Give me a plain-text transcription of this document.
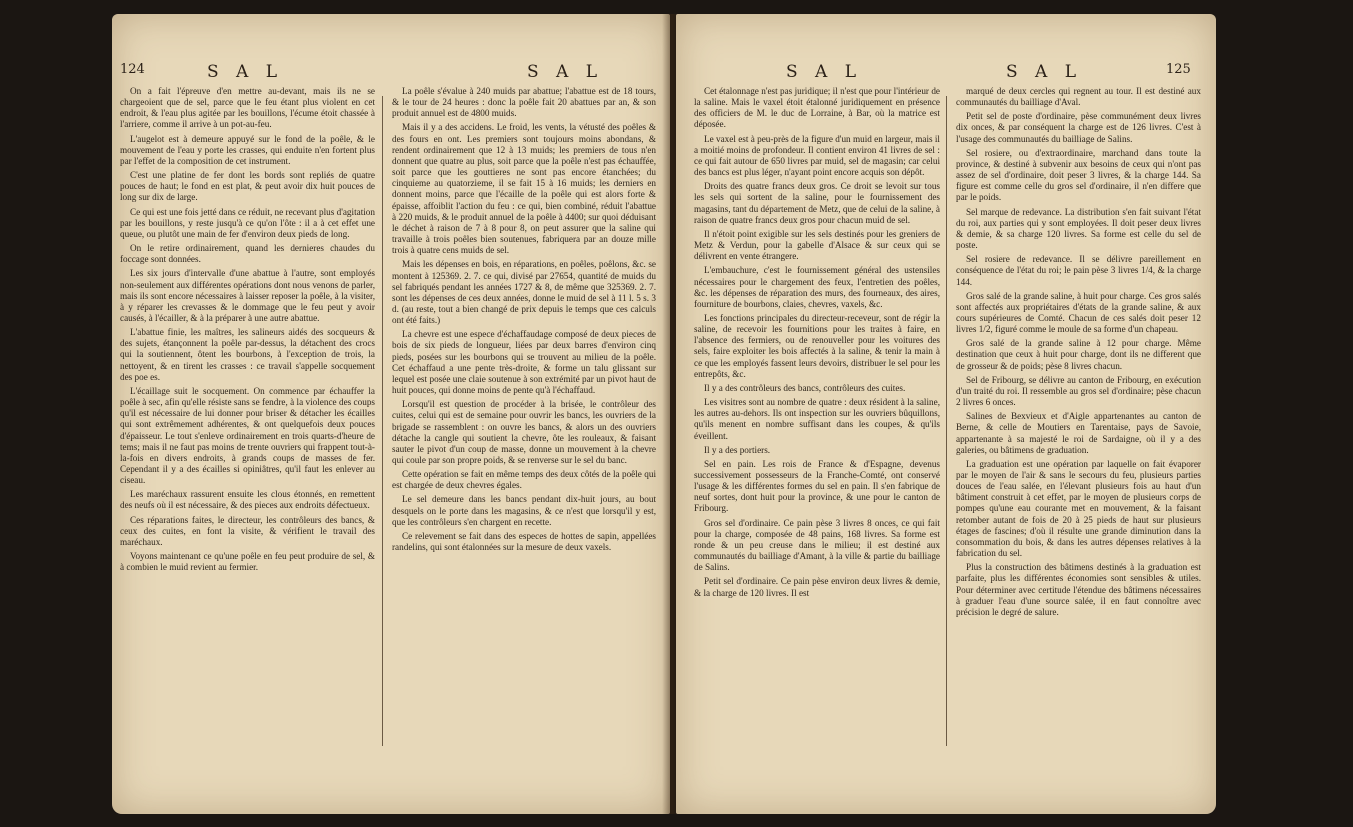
124	S A L	S A L

On a fait l'épreuve d'en mettre au-devant, mais ils ne se chargeoient que de sel, parce que le feu étant plus violent en cet endroit, & l'eau plus agitée par les bouillons, l'écume étoit chassée à l'arriere, comme il arrive à un pot-au-feu.

L'augelot est à demeure appuyé sur le fond de la poêle, & le mouvement de l'eau y porte les crasses, qui enduite n'en fortent plus par l'effet de la composition de cet instrument.

C'est une platine de fer dont les bords sont repliés de quatre pouces de haut; le fond en est plat, & peut avoir dix huit pouces de long sur dix de large.

Ce qui est une fois jetté dans ce réduit, ne recevant plus d'agitation par les bouillons, y reste jusqu'à ce qu'on l'ôte : il a à cet effet une queue, ou plutôt une main de fer d'environ deux pieds de long.

On le retire ordinairement, quand les dernieres chaudes du foccage sont données.

Les six jours d'intervalle d'une abattue à l'autre, sont employés non-seulement aux différentes opérations dont nous venons de parler, mais ils sont encore nécessaires à laisser reposer la poêle, à la visiter, à y réparer les crevasses & le dommage que le feu peut y avoir causés, à l'écailler, & à la préparer à une autre abattue.

L'abattue finie, les maîtres, les salineurs aidés des socqueurs & des sujets, étançonnent la poêle par-dessus, la détachent des crocs qui la soutiennent, ôtent les bourbons, à l'exception de trois, la nettoyent, & en tirent les crasses : ce travail s'appelle socquement des poe es.

L'écaillage suit le socquement. On commence par échauffer la poêle à sec, afin qu'elle résiste sans se fendre, à la violence des coups qu'il est nécessaire de lui donner pour briser & détacher les écailles qui sont extrêmement adhérentes, & ont quelquefois deux pouces d'épaisseur. Le tout s'enleve ordinairement en trois quarts-d'heure de tems; mais il ne faut pas moins de trente ouvriers qui frappent tout-à-la-fois en divers endroits, à grands coups de masses de fer. Cependant il y a des écailles si opiniâtres, qu'il faut les enlever au ciseau.

Les maréchaux rassurent ensuite les clous étonnés, en remettent des neufs où il est nécessaire, & des pieces aux endroits défectueux.

Ces réparations faites, le directeur, les contrôleurs des bancs, & ceux des cuites, en font la visite, & vérifient le travail des maréchaux.

Voyons maintenant ce qu'une poêle en feu peut produire de sel, & à combien le muid revient au fermier.

La poêle s'évalue à 240 muids par abattue; l'abattue est de 18 tours, & le tour de 24 heures : donc la poêle fait 20 abattues par an, & son produit annuel est de 4800 muids.

Mais il y a des accidens. Le froid, les vents, la vétusté des poêles & des fours en ont. Les premiers sont toujours moins abondans, & rendent ordinairement que 12 à 13 muids; les premiers de tous n'en donnent que quatre au plus, soit parce que la poêle n'est pas échauffée, soit parce que les gouttieres ne sont pas encore étanchées; du cinquieme au quatorzieme, il se fait 15 à 16 muids; les derniers en donnent moins, parce que l'écaille de la poêle qui est alors forte & épaisse, affoiblit l'action du feu : ce qui, bien combiné, réduit l'abattue à 220 muids, & le produit annuel de la poêle à 4400; sur quoi déduisant le déchet à raison de 7 à 8 pour 8, on peut assurer que la saline qui travaille à trois poêles bien soutenues, fabriquera par an douze mille trois à quatre cens muids de sel.

Mais les dépenses en bois, en réparations, en poêles, poêlons, &c. se montent à 125369. 2. 7. ce qui, divisé par 27654, quantité de muids du sel fabriqués pendant les années 1727 & 8, de même que 325369. 2. 7. sont les dépenses de ces deux années, donne le muid de sel à 11 l. 5 s. 3 d. (au reste, tout a bien changé de prix depuis le temps que ces calculs ont été faits.)

La chevre est une espece d'échaffaudage composé de deux pieces de bois de six pieds de longueur, liées par deux barres d'environ cinq pieds, posées sur les bourbons qui se trouvent au milieu de la poêle. Cet échaffaud a une pente très-droite, & forme un talu glissant sur lequel est posée une claie soutenue à son extrémité par un pivot haut de huit pouces, qui donne moins de pente qu'à l'échaffaud.

Lorsqu'il est question de procéder à la brisée, le contrôleur des cuites, celui qui est de semaine pour ouvrir les bancs, les ouvriers de la brigade se rassemblent : on ouvre les bancs, & alors un des ouvriers détache la cangle qui soutient la chevre, ôte les rouleaux, & faisant sauter le pivot d'un coup de masse, donne un mouvement à la chevre qui coule par son propre poids, & se renverse sur le sel du banc.

Cette opération se fait en même temps des deux côtés de la poêle qui est chargée de deux chevres égales.

Le sel demeure dans les bancs pendant dix-huit jours, au bout desquels on le porte dans les magasins, & ce n'est que lorsqu'il y est, que les contrôleurs s'en chargent en recette.

Ce relevement se fait dans des especes de hottes de sapin, appellées randelins, qui sont étalonnées sur la mesure de deux vaxels.

S A L	S A L	125

Cet étalonnage n'est pas juridique; il n'est que pour l'intérieur de la saline. Mais le vaxel étoit étalonné juridiquement en présence des officiers de M. le duc de Lorraine, à Bar, où la matrice est déposée.

Le vaxel est à peu-près de la figure d'un muid en largeur, mais il a moitié moins de profondeur. Il contient environ 41 livres de sel : ce qui fait autour de 650 livres par muid, sel de magasin; car celui des bancs est plus léger, n'ayant point encore acquis son dépôt.

Droits des quatre francs deux gros. Ce droit se levoit sur tous les sels qui sortent de la saline, pour le fournissement des magasins, tant du département de Metz, que de celui de la saline, à raison de quatre francs deux gros pour chacun muid de sel.

Il n'étoit point exigible sur les sels destinés pour les greniers de Metz & Verdun, pour la gabelle d'Alsace & sur ceux qui se délivrent en vente étrangere.

L'embauchure, c'est le fournissement général des ustensiles nécessaires pour le chargement des feux, l'entretien des poêles, &c. les dépenses de réparation des murs, des fourneaux, des aires, fourniture de bourbons, claies, chevres, vaxels, &c.

Les fonctions principales du directeur-receveur, sont de régir la saline, de recevoir les fournitions pour les traites à faire, en l'absence des fermiers, ou de renouveller pour les voitures des sels, faire exploiter les bois affectés à la saline, & tenir la main à ce que les employés fassent leurs devoirs, distribuer le sel pour les entrepôts, &c.

Il y a des contrôleurs des bancs, contrôleurs des cuites.

Les visitres sont au nombre de quatre : deux résident à la saline, les autres au-dehors. Ils ont inspection sur les ouvriers bûquillons, qu'ils menent en nombre suffisant dans les coupes, & qu'ils éveillent.

Il y a des portiers.

Sel en pain. Les rois de France & d'Espagne, devenus successivement possesseurs de la Franche-Comté, ont conservé l'usage & les différentes formes du sel en pain. Il s'en fabrique de neuf sortes, dont huit pour la province, & une pour le canton de Fribourg.

Gros sel d'ordinaire. Ce pain pèse 3 livres 8 onces, ce qui fait pour la charge, composée de 48 pains, 168 livres. Sa forme est ronde & un peu creuse dans le milieu; il est destiné aux communautés du bailliage d'Amant, à la ville & partie du bailliage de Salins.

Petit sel d'ordinaire. Ce pain pèse environ deux livres & demie, & la charge de 120 livres. Il est

marqué de deux cercles qui regnent au tour. Il est destiné aux communautés du bailliage d'Aval.

Petit sel de poste d'ordinaire, pèse communément deux livres dix onces, & par conséquent la charge est de 126 livres. C'est à l'usage des communautés du bailliage de Salins.

Sel rosiere, ou d'extraordinaire, marchand dans toute la province, & destiné à subvenir aux besoins de ceux qui n'ont pas assez de sel d'ordinaire, doit peser 3 livres, & la charge 144. Sa figure est comme celle du gros sel d'ordinaire, il n'en differe que par le poids.

Sel marque de redevance. La distribution s'en fait suivant l'état du roi, aux parties qui y sont employées. Il doit peser deux livres & demie, & sa charge 120 livres. Sa forme est celle du sel de poste.

Sel rosiere de redevance. Il se délivre pareillement en conséquence de l'état du roi; le pain pèse 3 livres 1/4, & la charge 144.

Gros salé de la grande saline, à huit pour charge. Ces gros salés sont affectés aux propriétaires d'états de la grande saline, & aux cours supérieures de Comté. Chacun de ces salés doit peser 12 livres 1/2, figuré comme le moule de sa forme d'un chapeau.

Gros salé de la grande saline à 12 pour charge. Même destination que ceux à huit pour charge, dont ils ne different que de grosseur & de poids; pèse 8 livres chacun.

Sel de Fribourg, se délivre au canton de Fribourg, en exécution d'un traité du roi. Il ressemble au gros sel d'ordinaire; pèse chacun 2 livres 6 onces.

Salines de Bexvieux et d'Aigle appartenantes au canton de Berne, & celle de Moutiers en Tarentaise, pays de Savoie, appartenante à sa majesté le roi de Sardaigne, où il y a des galeries, ou bâtimens de graduation.

La graduation est une opération par laquelle on fait évaporer par le moyen de l'air & sans le secours du feu, plusieurs parties douces de l'eau salée, en l'élevant plusieurs fois au haut d'un bâtiment construit à cet effet, par le moyen de plusieurs corps de pompes qu'une eau courante met en mouvement, & la faisant retomber autant de fois de 20 à 25 pieds de haut sur plusieurs étages de fascines; d'où il résulte une grande diminution dans la consommation du bois, & dans les autres dépenses relatives à la fabrication du sel.

Plus la construction des bâtimens destinés à la graduation est parfaite, plus les différentes économies sont sensibles & utiles. Pour déterminer avec certitude l'étendue des bâtimens nécessaires à graduer l'eau d'une source salée, il en faut connoître avec précision le degré de salure.
